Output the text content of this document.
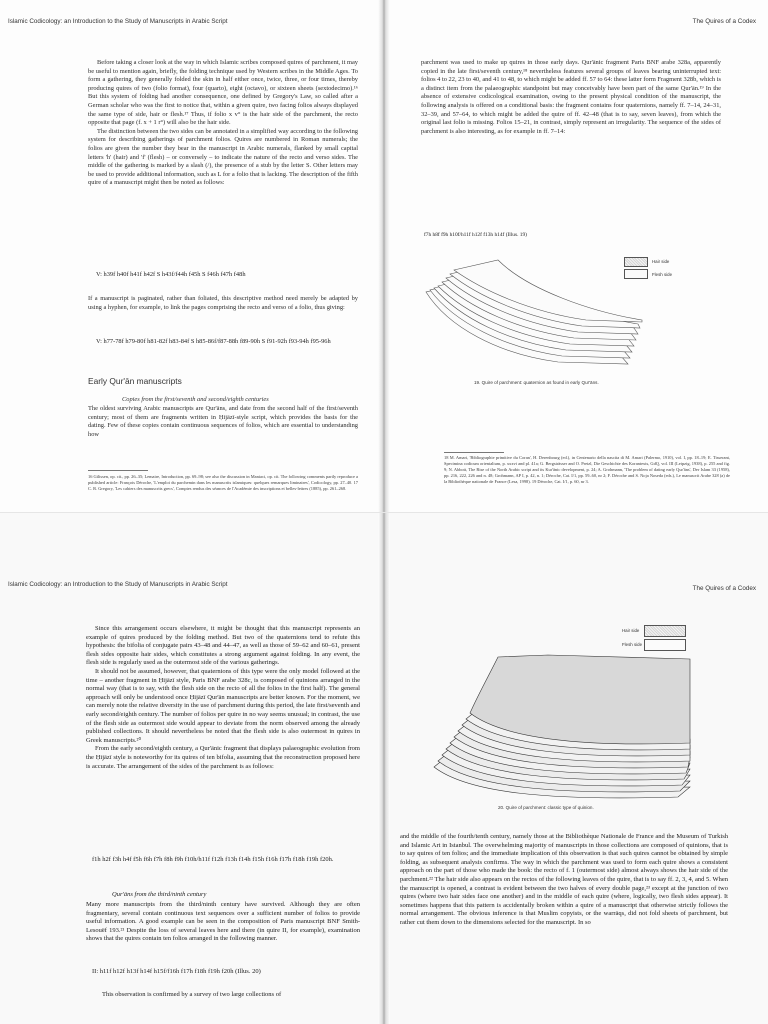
Islamic Codicology: an Introduction to the Study of Manuscripts in Arabic Script

Before taking a closer look at the way in which Islamic scribes composed quires of parchment, it may be useful to mention again, briefly, the folding technique used by Western scribes in the Middle Ages. To form a gathering, they generally folded the skin in half either once, twice, three, or four times, thereby producing quires of two (folio format), four (quarto), eight (octavo), or sixteen sheets (sextodecimo).¹⁶ But this system of folding had another consequence, one defined by Gregory's Law, so called after a German scholar who was the first to notice that, within a given quire, two facing folios always displayed the same type of side, hair or flesh.¹⁷ Thus, if folio x v° is the hair side of the parchment, the recto opposite that page (f. x + 1 r°) will also be the hair side.

The distinction between the two sides can be annotated in a simplified way according to the following system for describing gatherings of parchment folios. Quires are numbered in Roman numerals; the folios are given the number they bear in the manuscript in Arabic numerals, flanked by small capital letters 'h' (hair) and 'f' (flesh) – or conversely – to indicate the nature of the recto and verso sides. The middle of the gathering is marked by a slash (/), the presence of a stub by the letter S. Other letters may be used to provide additional information, such as L for a folio that is lacking. The description of the fifth quire of a manuscript might then be noted as follows:

V: h39f h40f h41f h42f S h43f/f44h f45h S f46h f47h f48h

If a manuscript is paginated, rather than foliated, this descriptive method need merely be adapted by using a hyphen, for example, to link the pages comprising the recto and verso of a folio, thus giving:

V: h77-78f h79-80f h81-82f h83-84f S h85-86f/f87-88h f89-90h S f91-92h f93-94h f95-96h
Early Qur'ān manuscripts
Copies from the first/seventh and second/eighth centuries

The oldest surviving Arabic manuscripts are Qur'āns, and date from the second half of the first/seventh century; most of them are fragments written in Ḥijāzī-style script, which provides the basis for the dating. Few of these copies contain continuous sequences of folios, which are essential to understanding how

16 Gilissen, op. cit., pp. 26–35; Lemaire, Introduction, pp. 69–98; see also the discussion in Maniaci, op. cit. The following comments partly reproduce a published article: François Déroche, 'L'emploi du parchemin dans les manuscrits islamiques: quelques remarques liminaires', Codicology, pp. 27–40. 17 C. R. Gregory, 'Les cahiers des manuscrits grecs', Comptes rendus des séances de l'Académie des inscriptions et belles-lettres (1885), pp. 261–268.
The Quires of a Codex

parchment was used to make up quires in those early days. Qur'ānic fragment Paris BNF arabe 328a, apparently copied in the late first/seventh century,¹⁸ nevertheless features several groups of leaves bearing uninterrupted text: folios 4 to 22, 23 to 40, and 41 to 48, to which might be added ff. 57 to 64: these latter form Fragment 328b, which is a distinct item from the palaeographic standpoint but may conceivably have been part of the same Qur'ān.¹⁹ In the absence of extensive codicological examination, owing to the present physical condition of the manuscript, the following analysis is offered on a conditional basis: the fragment contains four quaternions, namely ff. 7–14, 24–31, 32–39, and 57–64, to which might be added the quire of ff. 42–48 (that is to say, seven leaves), from which the original last folio is missing. Folios 15–21, in contrast, simply represent an irregularity. The sequence of the sides of parchment is also interesting, as for example in ff. 7–14:

f7h h8f f9h h10f/h11f h12f f13h h14f (Illus. 19)
Hair side
Flesh side
19. Quire of parchment: quaternion as found in early Qur'āns.
18 M. Amari, 'Bibliographie primitive du Coran', H. Derenbourg (ed.), in Centenario della nascita di M. Amari (Palermo, 1910), vol. I, pp. 18–19; E. Tisserant, Specimina codicum orientalium, p. xxxvi and pl. 41a; G. Bergsträsser and O. Pretzl, Die Geschichte des Korantexts, GdQ, vol. III (Leipzig, 1938), p. 255 and fig. 9; N. Abbott, The Rise of the North Arabic script and its Kur'ānic development, p. 24; A. Grohmann, 'The problem of dating early Qur'āns', Der Islam 33 (1958), pp. 216, 222, 226 and n. 48; Grohmann, AP I, p. 42, n. 1; Déroche, Cat. I/1, pp. 59–60, nr 2; F. Déroche and S. Noja Noseda (eds.), Le manuscrit Arabe 328 (a) de la Bibliothèque nationale de France (Lesa, 1998). 19 Déroche, Cat. I/1, p. 60, nr 3.
Islamic Codicology: an Introduction to the Study of Manuscripts in Arabic Script

Since this arrangement occurs elsewhere, it might be thought that this manuscript represents an example of quires produced by the folding method. But two of the quaternions tend to refute this hypothesis: the bifolia of conjugate pairs 43–48 and 44–47, as well as those of 59–62 and 60–61, present flesh sides opposite hair sides, which constitutes a strong argument against folding. In any event, the flesh side is regularly used as the outermost side of the various gatherings.

It should not be assumed, however, that quaternions of this type were the only model followed at the time – another fragment in Ḥijāzī style, Paris BNF arabe 328c, is composed of quinions arranged in the normal way (that is to say, with the flesh side on the recto of all the folios in the first half). The general approach will only be understood once Ḥijāzī Qur'ān manuscripts are better known. For the moment, we can merely note the relative diversity in the use of parchment during this period, the late first/seventh and early second/eighth century. The number of folios per quire in no way seems unusual; in contrast, the use of the flesh side as outermost side would appear to deviate from the norm observed among the already published collections. It should nevertheless be noted that the flesh side is also outermost in quires in Greek manuscripts.²⁰

From the early second/eighth century, a Qur'ānic fragment that displays palaeographic evolution from the Ḥijāzī style is noteworthy for its quires of ten bifolia, assuming that the reconstruction proposed here is accurate. The arrangement of the sides of the parchment is as follows:

f1h h2f f3h h4f f5h f6h f7h f8h f9h f10h/h11f f12h f13h f14h f15h f16h f17h f18h f19h f20h.
Qur'āns from the third/ninth century

Many more manuscripts from the third/ninth century have survived. Although they are often fragmentary, several contain continuous text sequences over a sufficient number of folios to provide useful information. A good example can be seen in the composition of Paris manuscript BNF Smith-Lesouëf 193.²¹ Despite the loss of several leaves here and there (in quire II, for example), examination shows that the quires contain ten folios arranged in the following manner.

II: h11f h12f h13f h14f h15f/f16h f17h f18h f19h f20h (Illus. 20)

This observation is confirmed by a survey of two large collections of

The Quires of a Codex
Hair side
Flesh side
20. Quire of parchment: classic type of quinion.

and the middle of the fourth/tenth century, namely those at the Bibliothèque Nationale de France and the Museum of Turkish and Islamic Art in Istanbul. The overwhelming majority of manuscripts in those collections are composed of quinions, that is to say quires of ten folios; and the immediate implication of this observation is that such quires cannot be obtained by simple folding, as subsequent analysis confirms. The way in which the parchment was used to form each quire shows a consistent approach on the part of those who made the book: the recto of f. 1 (outermost side) almost always shows the hair side of the parchment.²² The hair side also appears on the rectos of the following leaves of the quire, that is to say ff. 2, 3, 4, and 5. When the manuscript is opened, a contrast is evident between the two halves of every double page,²³ except at the junction of two quires (where two hair sides face one another) and in the middle of each quire (where, logically, two flesh sides appear). It sometimes happens that this pattern is accidentally broken within a quire of a manuscript that otherwise strictly follows the normal arrangement. The obvious inference is that Muslim copyists, or the warrāqs, did not fold sheets of parchment, but rather cut them down to the dimensions selected for the manuscript. In so
